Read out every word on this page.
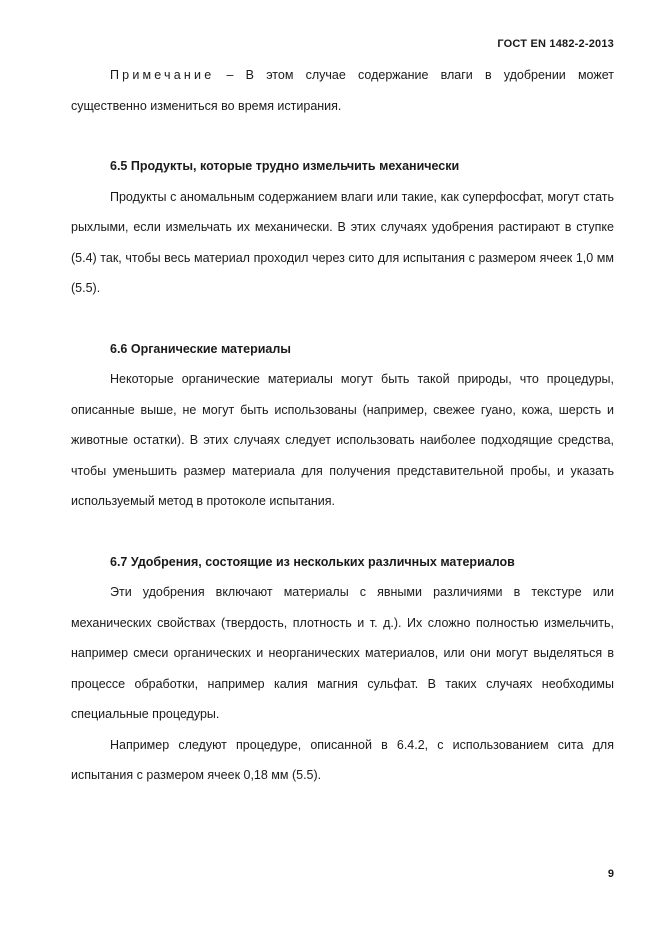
ГОСТ EN 1482-2-2013

Примечание – В этом случае содержание влаги в удобрении может существенно измениться во время истирания.

6.5 Продукты, которые трудно измельчить механически

Продукты с аномальным содержанием влаги или такие, как суперфосфат, могут стать рыхлыми, если измельчать их механически. В этих случаях удобрения растирают в ступке (5.4) так, чтобы весь материал проходил через сито для испытания с размером ячеек 1,0 мм (5.5).

6.6 Органические материалы

Некоторые органические материалы могут быть такой природы, что процедуры, описанные выше, не могут быть использованы (например, свежее гуано, кожа, шерсть и животные остатки). В этих случаях следует использовать наиболее подходящие средства, чтобы уменьшить размер материала для получения представительной пробы, и указать используемый метод в протоколе испытания.

6.7 Удобрения, состоящие из нескольких различных материалов

Эти удобрения включают материалы с явными различиями в текстуре или механических свойствах (твердость, плотность и т. д.). Их сложно полностью измельчить, например смеси органических и неорганических материалов, или они могут выделяться в процессе обработки, например калия магния сульфат. В таких случаях необходимы специальные процедуры.

Например следуют процедуре, описанной в 6.4.2, с использованием сита для испытания с размером ячеек 0,18 мм (5.5).

9
